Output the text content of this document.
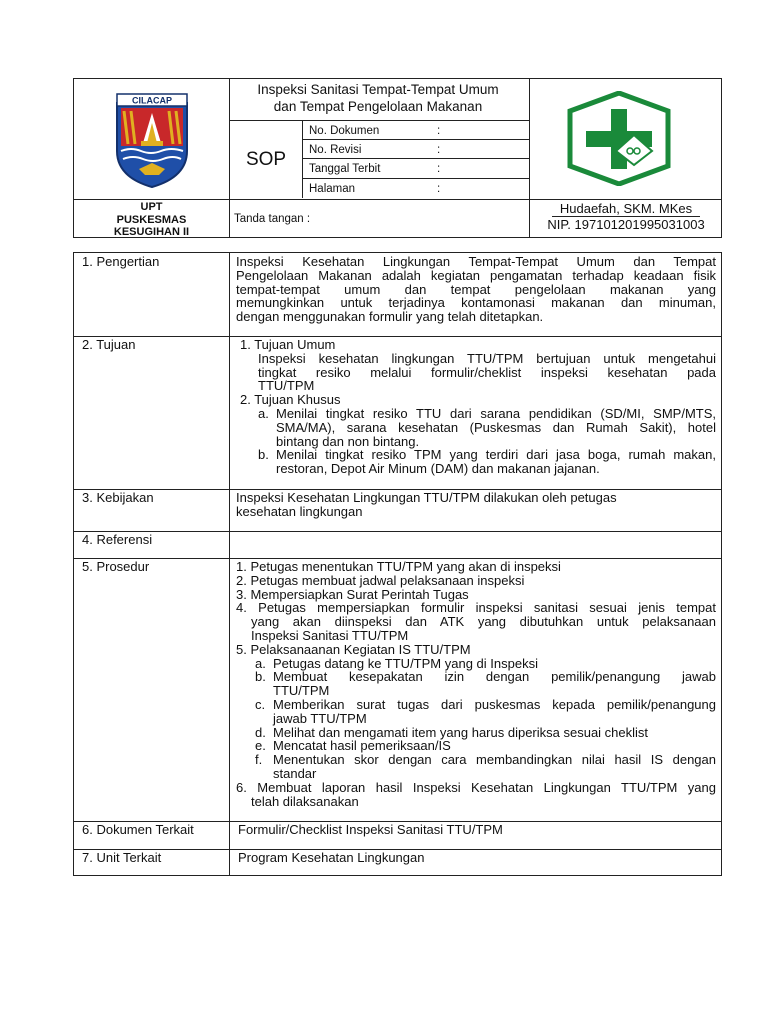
CILACAP
Inspeksi Sanitasi Tempat-Tempat Umum
dan Tempat Pengelolaan Makanan
SOP
No. Dokumen	:
No. Revisi	:
Tanggal Terbit	:
Halaman	:
UPT
PUSKESMAS
KESUGIHAN II
Tanda tangan :
Hudaefah, SKM. MKes
NIP. 197101201995031003
1. Pengertian	Inspeksi Kesehatan Lingkungan Tempat-Tempat Umum dan Tempat
Pengelolaan Makanan adalah kegiatan pengamatan terhadap keadaan fisik
tempat-tempat umum dan tempat pengelolaan makanan yang
memungkinkan untuk terjadinya kontamonasi makanan dan minuman,
dengan menggunakan formulir yang telah ditetapkan.
2. Tujuan	1. Tujuan Umum
Inspeksi kesehatan lingkungan TTU/TPM bertujuan untuk mengetahui
tingkat resiko melalui formulir/cheklist inspeksi kesehatan pada
TTU/TPM
2. Tujuan Khusus
a. Menilai tingkat resiko TTU dari sarana pendidikan (SD/MI, SMP/MTS,
SMA/MA), sarana kesehatan (Puskesmas dan Rumah Sakit), hotel
bintang dan non bintang.
b. Menilai tingkat resiko TPM yang terdiri dari jasa boga, rumah makan,
restoran, Depot Air Minum (DAM) dan makanan jajanan.
3. Kebijakan	Inspeksi Kesehatan Lingkungan TTU/TPM dilakukan oleh petugas
kesehatan lingkungan
4. Referensi
5. Prosedur	1. Petugas menentukan TTU/TPM yang akan di inspeksi
2. Petugas membuat jadwal pelaksanaan inspeksi
3. Mempersiapkan Surat Perintah Tugas
4. Petugas mempersiapkan formulir inspeksi sanitasi sesuai jenis tempat
yang akan diinspeksi dan ATK yang dibutuhkan untuk pelaksanaan
Inspeksi Sanitasi TTU/TPM
5. Pelaksanaanan Kegiatan IS TTU/TPM
a. Petugas datang ke TTU/TPM yang di Inspeksi
b. Membuat kesepakatan izin dengan pemilik/penangung jawab
TTU/TPM
c. Memberikan surat tugas dari puskesmas kepada pemilik/penangung
jawab TTU/TPM
d. Melihat dan mengamati item yang harus diperiksa sesuai cheklist
e. Mencatat hasil pemeriksaan/IS
f. Menentukan skor dengan cara membandingkan nilai hasil IS dengan
standar
6. Membuat laporan hasil Inspeksi Kesehatan Lingkungan TTU/TPM yang
telah dilaksanakan
6. Dokumen Terkait	Formulir/Checklist Inspeksi Sanitasi TTU/TPM
7. Unit Terkait	Program Kesehatan Lingkungan
